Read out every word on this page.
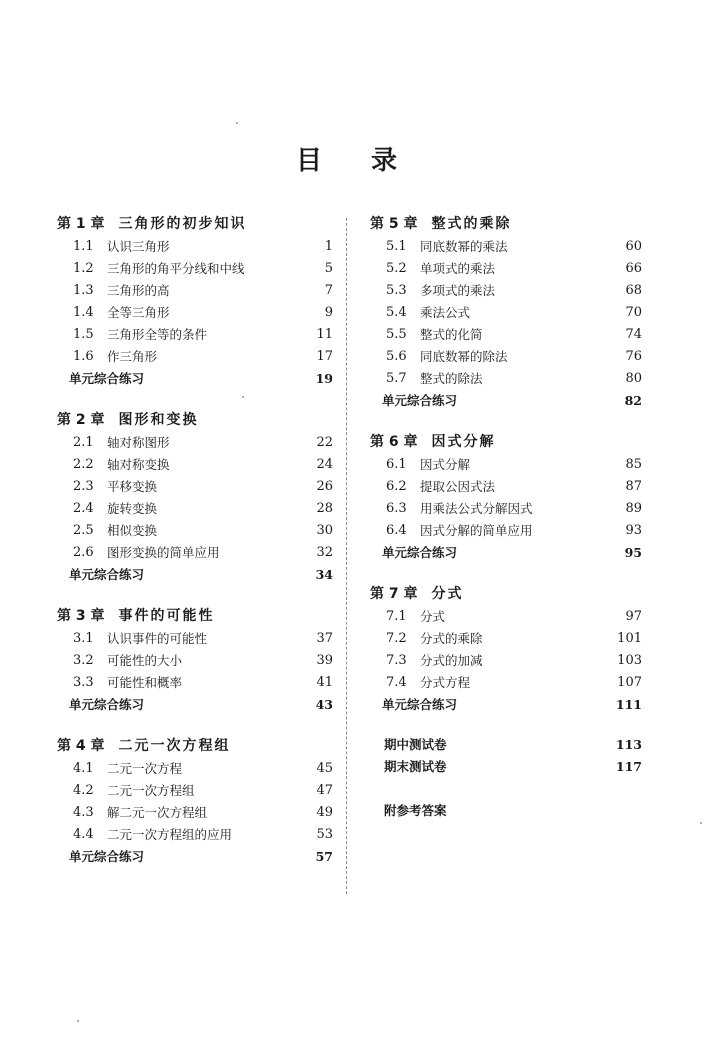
目 录
第 1 章 三角形的初步知识
1.1	认识三角形	1
1.2	三角形的角平分线和中线	5
1.3	三角形的高	7
1.4	全等三角形	9
1.5	三角形全等的条件	11
1.6	作三角形	17
单元综合练习	19
第 2 章 图形和变换
2.1	轴对称图形	22
2.2	轴对称变换	24
2.3	平移变换	26
2.4	旋转变换	28
2.5	相似变换	30
2.6	图形变换的简单应用	32
单元综合练习	34
第 3 章 事件的可能性
3.1	认识事件的可能性	37
3.2	可能性的大小	39
3.3	可能性和概率	41
单元综合练习	43
第 4 章 二元一次方程组
4.1	二元一次方程	45
4.2	二元一次方程组	47
4.3	解二元一次方程组	49
4.4	二元一次方程组的应用	53
单元综合练习	57
第 5 章 整式的乘除
5.1	同底数幂的乘法	60
5.2	单项式的乘法	66
5.3	多项式的乘法	68
5.4	乘法公式	70
5.5	整式的化简	74
5.6	同底数幂的除法	76
5.7	整式的除法	80
单元综合练习	82
第 6 章 因式分解
6.1	因式分解	85
6.2	提取公因式法	87
6.3	用乘法公式分解因式	89
6.4	因式分解的简单应用	93
单元综合练习	95
第 7 章 分式
7.1	分式	97
7.2	分式的乘除	101
7.3	分式的加减	103
7.4	分式方程	107
单元综合练习	111
期中测试卷	113
期末测试卷	117
附参考答案
